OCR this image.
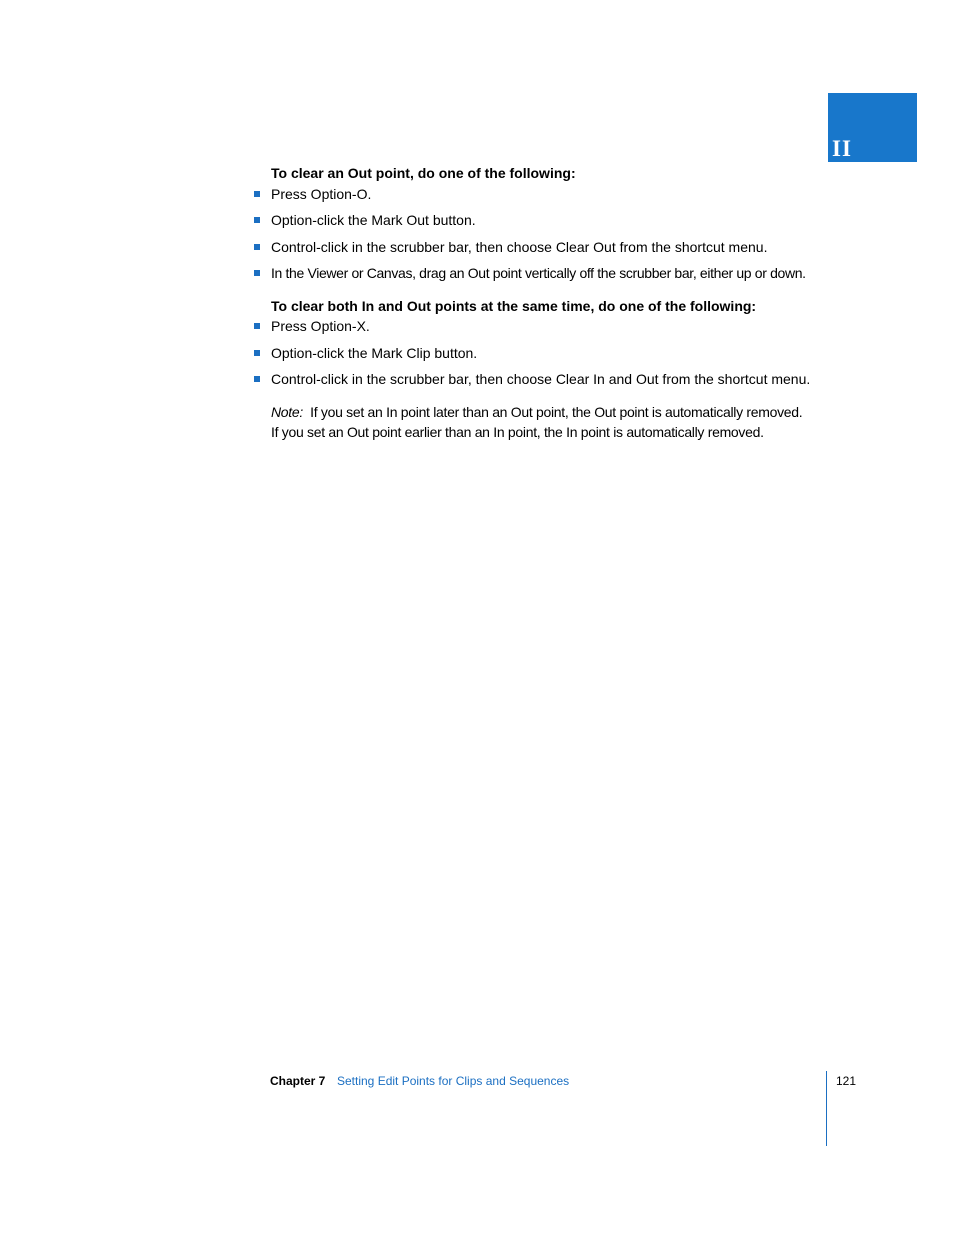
II
To clear an Out point, do one of the following:
Press Option-O.
Option-click the Mark Out button.
Control-click in the scrubber bar, then choose Clear Out from the shortcut menu.
In the Viewer or Canvas, drag an Out point vertically off the scrubber bar, either up or down.
To clear both In and Out points at the same time, do one of the following:
Press Option-X.
Option-click the Mark Clip button.
Control-click in the scrubber bar, then choose Clear In and Out from the shortcut menu.
Note: If you set an In point later than an Out point, the Out point is automatically removed.
If you set an Out point earlier than an In point, the In point is automatically removed.
Chapter 7 Setting Edit Points for Clips and Sequences	121
